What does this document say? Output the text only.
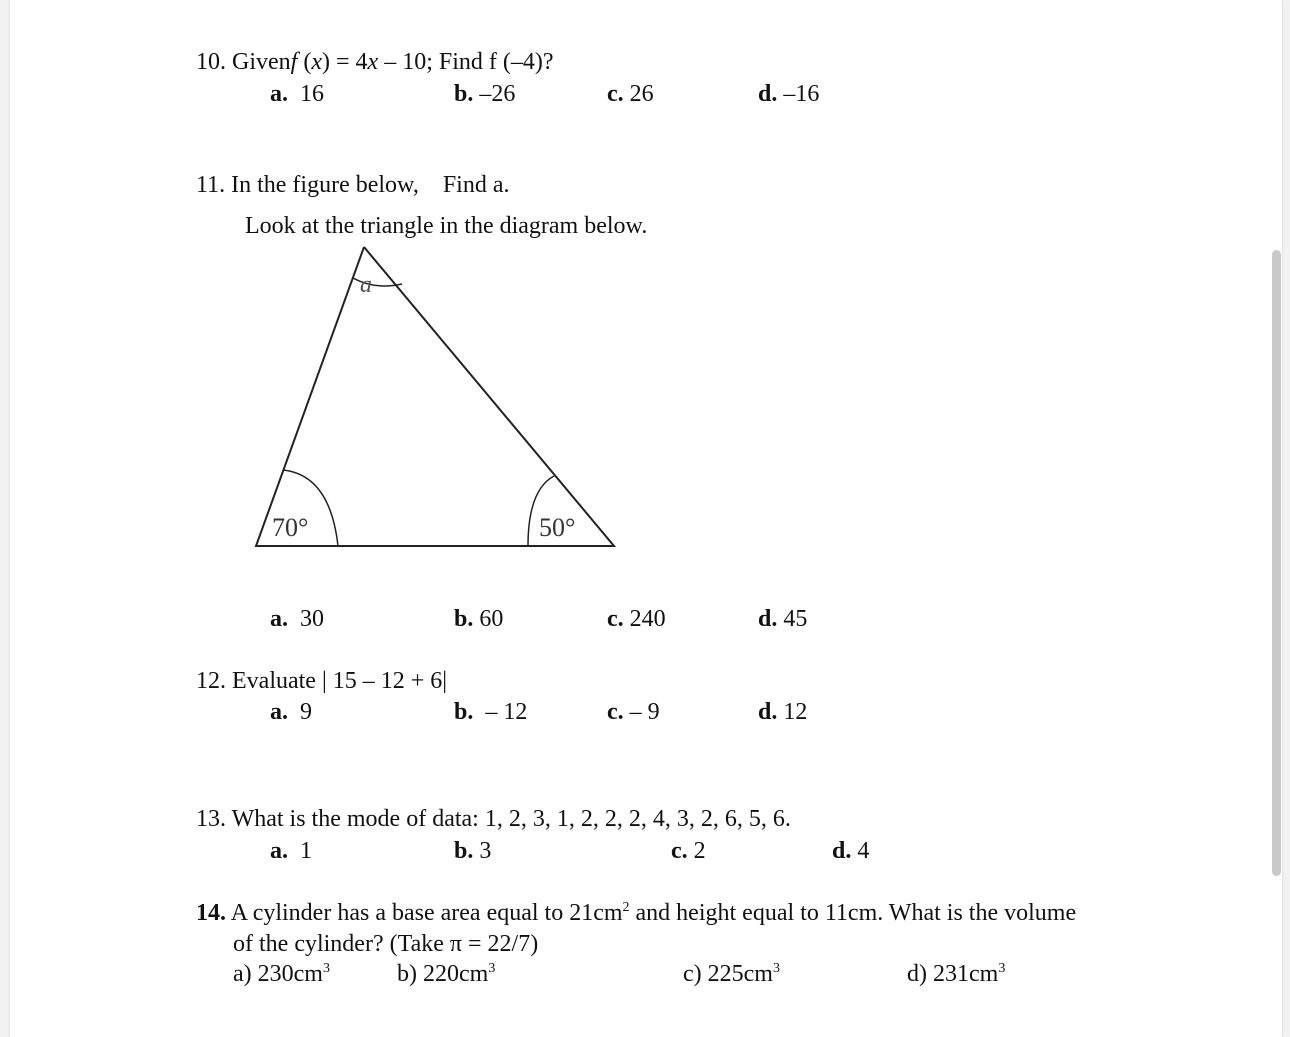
10. Givenf (x) = 4x – 10; Find f (–4)?
a. 16	b. –26	c. 26	d. –16
11. In the figure below, Find a.
Look at the triangle in the diagram below.
a
70°	50°
a. 30	b. 60	c. 240	d. 45
12. Evaluate | 15 – 12 + 6|
a. 9	b. – 12	c. – 9	d. 12
13. What is the mode of data: 1, 2, 3, 1, 2, 2, 2, 4, 3, 2, 6, 5, 6.
a. 1	b. 3	c. 2	d. 4
14. A cylinder has a base area equal to $21cm^2$ and height equal to 11cm. What is the volume
of the cylinder? (Take π = 22/7)
a) $230cm^3$	b) $220cm^3$	c) $225cm^3$	d) $231cm^3$
